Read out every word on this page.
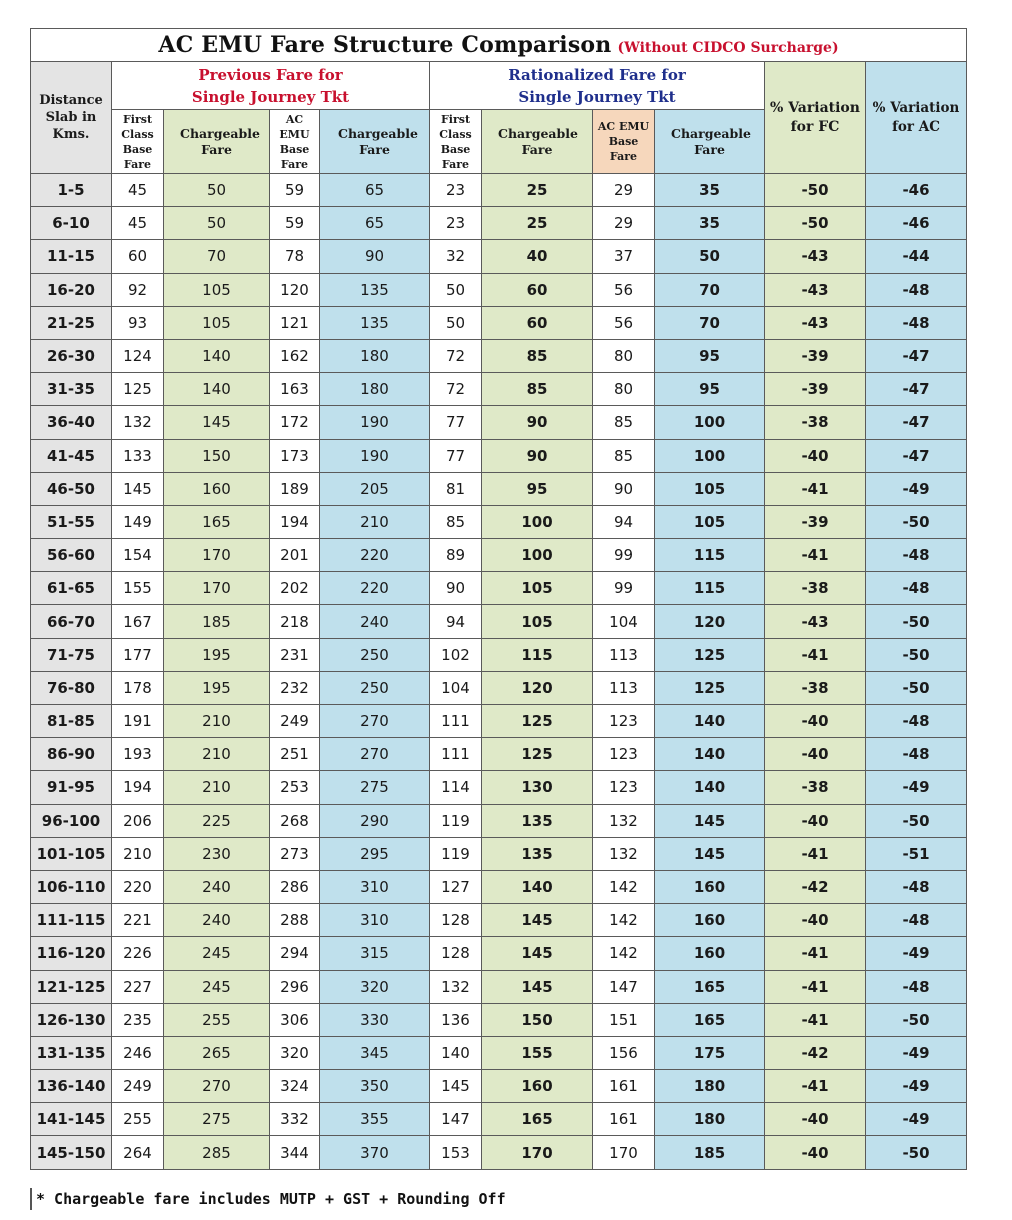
AC EMU Fare Structure Comparison (Without CIDCO Surcharge)										
Distance Slab in Kms.	Previous Fare for Single Journey Tkt				Rationalized Fare for Single Journey Tkt				% Variation for FC	% Variation for AC
	First Class Base Fare	Chargeable Fare	AC EMU Base Fare	Chargeable Fare	First Class Base Fare	Chargeable Fare	AC EMU Base Fare	Chargeable Fare		
1-5	45	50	59	65	23	25	29	35	-50	-46
6-10	45	50	59	65	23	25	29	35	-50	-46
11-15	60	70	78	90	32	40	37	50	-43	-44
16-20	92	105	120	135	50	60	56	70	-43	-48
21-25	93	105	121	135	50	60	56	70	-43	-48
26-30	124	140	162	180	72	85	80	95	-39	-47
31-35	125	140	163	180	72	85	80	95	-39	-47
36-40	132	145	172	190	77	90	85	100	-38	-47
41-45	133	150	173	190	77	90	85	100	-40	-47
46-50	145	160	189	205	81	95	90	105	-41	-49
51-55	149	165	194	210	85	100	94	105	-39	-50
56-60	154	170	201	220	89	100	99	115	-41	-48
61-65	155	170	202	220	90	105	99	115	-38	-48
66-70	167	185	218	240	94	105	104	120	-43	-50
71-75	177	195	231	250	102	115	113	125	-41	-50
76-80	178	195	232	250	104	120	113	125	-38	-50
81-85	191	210	249	270	111	125	123	140	-40	-48
86-90	193	210	251	270	111	125	123	140	-40	-48
91-95	194	210	253	275	114	130	123	140	-38	-49
96-100	206	225	268	290	119	135	132	145	-40	-50
101-105	210	230	273	295	119	135	132	145	-41	-51
106-110	220	240	286	310	127	140	142	160	-42	-48
111-115	221	240	288	310	128	145	142	160	-40	-48
116-120	226	245	294	315	128	145	142	160	-41	-49
121-125	227	245	296	320	132	145	147	165	-41	-48
126-130	235	255	306	330	136	150	151	165	-41	-50
131-135	246	265	320	345	140	155	156	175	-42	-49
136-140	249	270	324	350	145	160	161	180	-41	-49
141-145	255	275	332	355	147	165	161	180	-40	-49
145-150	264	285	344	370	153	170	170	185	-40	-50
* Chargeable fare includes MUTP + GST + Rounding Off
